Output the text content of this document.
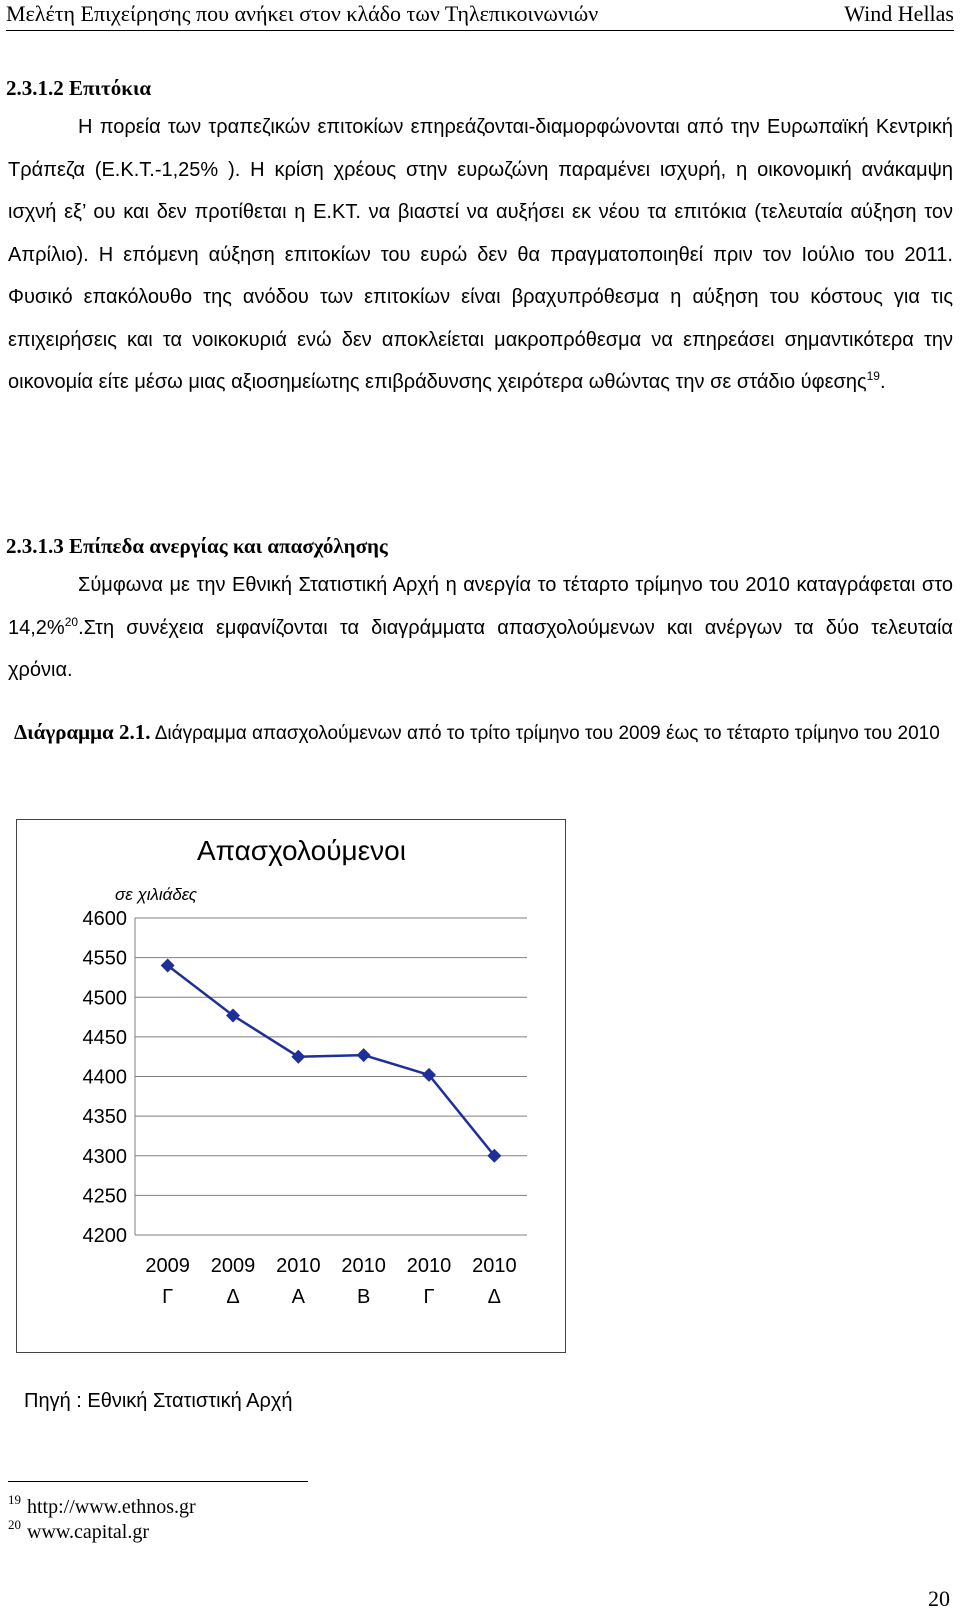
Μελέτη Επιχείρησης που ανήκει στον κλάδο των Τηλεπικοινωνιών	Wind Hellas
2.3.1.2 Επιτόκια
Η πορεία των τραπεζικών επιτοκίων επηρεάζονται-διαμορφώνονται από την Ευρωπαϊκή Κεντρική Τράπεζα (Ε.Κ.Τ.-1,25% ). Η κρίση χρέους στην ευρωζώνη παραμένει ισχυρή, η οικονομική ανάκαμψη ισχνή εξ’ ου και δεν προτίθεται η Ε.ΚΤ. να βιαστεί να αυξήσει εκ νέου τα επιτόκια (τελευταία αύξηση τον Απρίλιο). Η επόμενη αύξηση επιτοκίων του ευρώ δεν θα πραγματοποιηθεί πριν τον Ιούλιο του 2011. Φυσικό επακόλουθο της ανόδου των επιτοκίων είναι βραχυπρόθεσμα η αύξηση του κόστους για τις επιχειρήσεις και τα νοικοκυριά ενώ δεν αποκλείεται μακροπρόθεσμα να επηρεάσει σημαντικότερα την οικονομία είτε μέσω μιας αξιοσημείωτης επιβράδυνσης χειρότερα ωθώντας την σε στάδιο ύφεσης$^{19}$.
2.3.1.3 Επίπεδα ανεργίας και απασχόλησης
Σύμφωνα με την Εθνική Στατιστική Αρχή η ανεργία το τέταρτο τρίμηνο του 2010 καταγράφεται στο 14,2%$^{20}$.Στη συνέχεια εμφανίζονται τα διαγράμματα απασχολούμενων και ανέργων τα δύο τελευταία χρόνια.
Διάγραμμα 2.1. Διάγραμμα απασχολούμενων από το τρίτο τρίμηνο του 2009 έως το τέταρτο τρίμηνο του 2010
Απασχολούμενοι
σε χιλιάδες
4200
4250
4300
4350
4400
4450
4500
4550
4600
2009
Γ
2009
Δ
2010
Α
2010
Β
2010
Γ
2010
Δ
Πηγή : Εθνική Στατιστική Αρχή
$^{19}$ http://www.ethnos.gr
$^{20}$ www.capital.gr
20
